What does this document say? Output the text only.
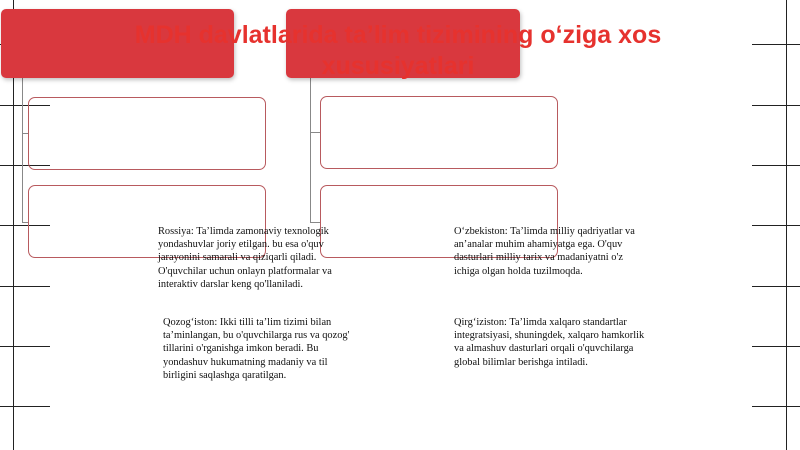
MDH davlatlarida ta’lim tizimining o‘ziga xos xususiyatlari

Rossiya: Ta’limda zamonaviy texnologik
yondashuvlar joriy etilgan. bu esa o'quv
jarayonini samarali va qiziqarli qiladi.
O'quvchilar uchun onlayn platformalar va
interaktiv darslar keng qo'llaniladi.

O‘zbekiston: Ta’limda milliy qadriyatlar va
an’analar muhim ahamiyatga ega. O'quv
dasturlari milliy tarix va madaniyatni o'z
ichiga olgan holda tuzilmoqda.

Qozog‘iston: Ikki tilli ta’lim tizimi bilan
ta’minlangan, bu o'quvchilarga rus va qozog'
tillarini o'rganishga imkon beradi. Bu
yondashuv hukumatning madaniy va til
birligini saqlashga qaratilgan.

Qirg‘iziston: Ta’limda xalqaro standartlar
integratsiyasi, shuningdek, xalqaro hamkorlik
va almashuv dasturlari orqali o'quvchilarga
global bilimlar berishga intiladi.
